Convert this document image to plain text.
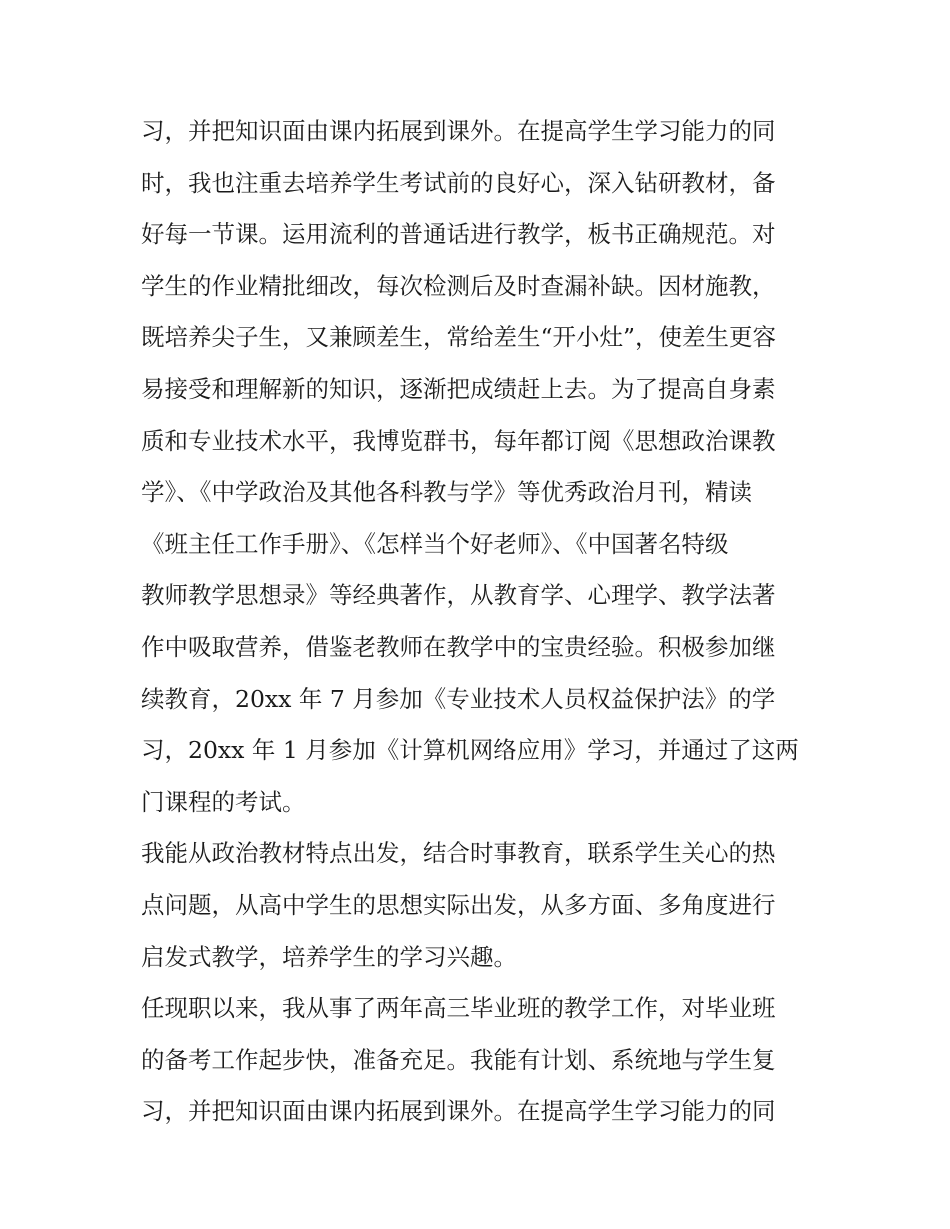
习，并把知识面由课内拓展到课外。在提高学生学习能力的同
时，我也注重去培养学生考试前的良好心，深入钻研教材，备
好每一节课。运用流利的普通话进行教学，板书正确规范。对
学生的作业精批细改，每次检测后及时查漏补缺。因材施教，
既培养尖子生，又兼顾差生，常给差生“开小灶”，使差生更容
易接受和理解新的知识，逐渐把成绩赶上去。为了提高自身素
质和专业技术水平，我博览群书，每年都订阅《思想政治课教
学》、《中学政治及其他各科教与学》等优秀政治月刊，精读
《班主任工作手册》、《怎样当个好老师》、《中国著名特级
教师教学思想录》等经典著作，从教育学、心理学、教学法著
作中吸取营养，借鉴老教师在教学中的宝贵经验。积极参加继
续教育，20xx 年 7 月参加《专业技术人员权益保护法》的学
习，20xx 年 1 月参加《计算机网络应用》学习，并通过了这两
门课程的考试。
我能从政治教材特点出发，结合时事教育，联系学生关心的热
点问题，从高中学生的思想实际出发，从多方面、多角度进行
启发式教学，培养学生的学习兴趣。
任现职以来，我从事了两年高三毕业班的教学工作，对毕业班
的备考工作起步快，准备充足。我能有计划、系统地与学生复
习，并把知识面由课内拓展到课外。在提高学生学习能力的同
